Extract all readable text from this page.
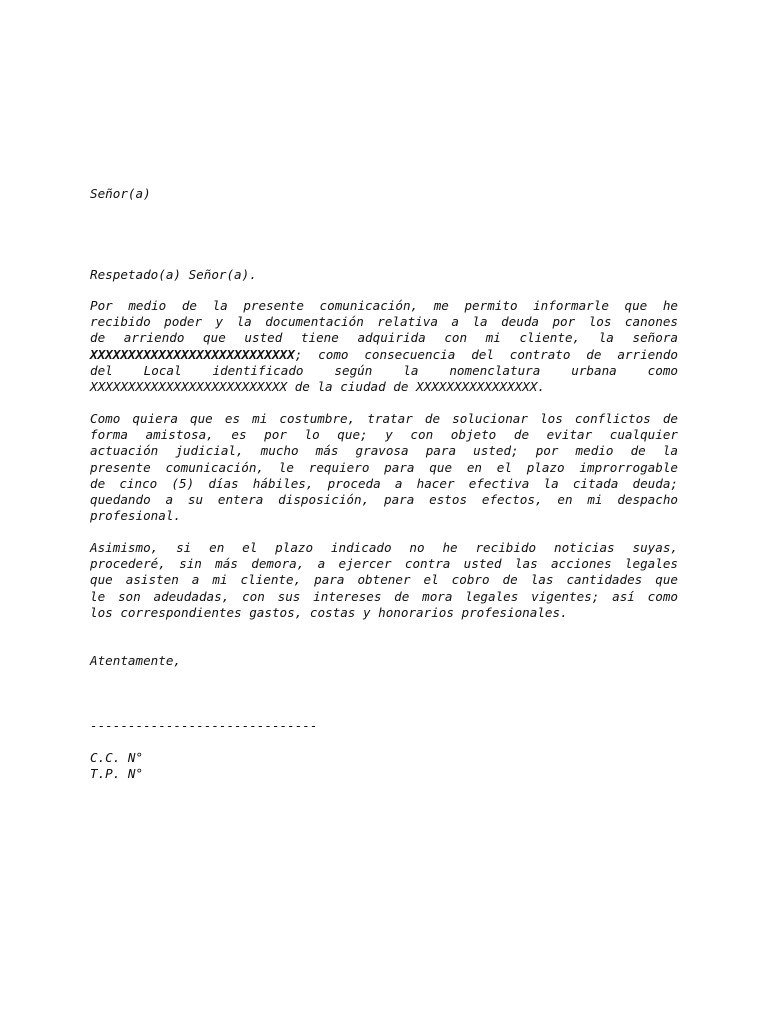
Señor(a)
Respetado(a) Señor(a).
Por medio de la presente comunicación, me permito informarle que he
recibido poder y la documentación relativa a la deuda por los canones
de arriendo que usted tiene adquirida con mi cliente, la señora
XXXXXXXXXXXXXXXXXXXXXXXXXXX; como consecuencia del contrato de arriendo
del Local identificado según la nomenclatura urbana como
XXXXXXXXXXXXXXXXXXXXXXXXXX de la ciudad de XXXXXXXXXXXXXXXX.
Como quiera que es mi costumbre, tratar de solucionar los conflictos de
forma amistosa, es por lo que; y con objeto de evitar cualquier
actuación judicial, mucho más gravosa para usted; por medio de la
presente comunicación, le requiero para que en el plazo improrrogable
de cinco (5) días hábiles, proceda a hacer efectiva la citada deuda;
quedando a su entera disposición, para estos efectos, en mi despacho
profesional.
Asimismo, si en el plazo indicado no he recibido noticias suyas,
procederé, sin más demora, a ejercer contra usted las acciones legales
que asisten a mi cliente, para obtener el cobro de las cantidades que
le son adeudadas, con sus intereses de mora legales vigentes; así como
los correspondientes gastos, costas y honorarios profesionales.
Atentamente,
------------------------------
C.C. N°
T.P. N°
